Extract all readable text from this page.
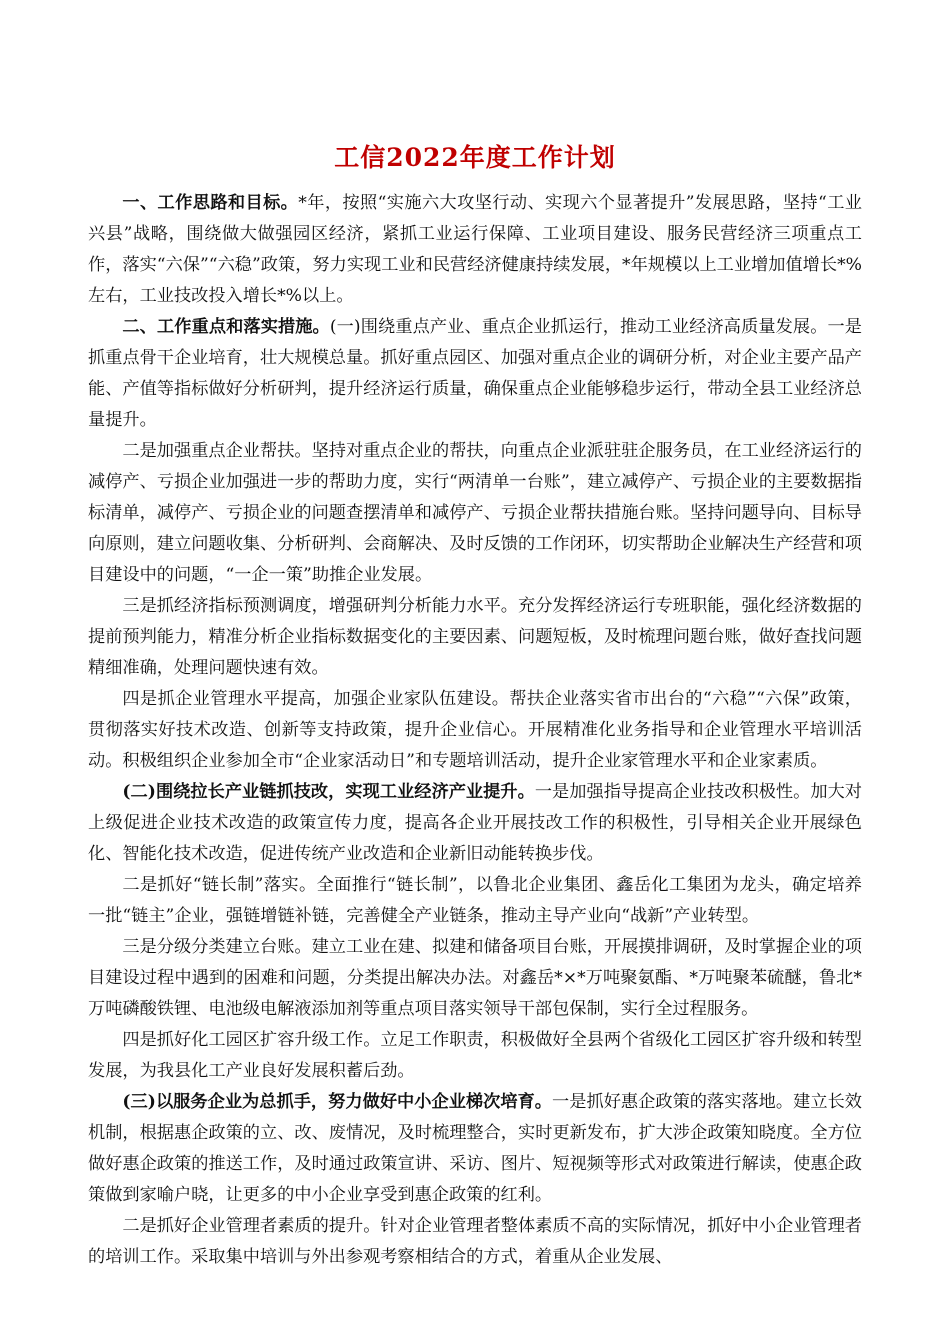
工信2022年度工作计划

一、工作思路和目标。*年，按照“实施六大攻坚行动、实现六个显著提升”发展思路，坚持“工业兴县”战略，围绕做大做强园区经济，紧抓工业运行保障、工业项目建设、服务民营经济三项重点工作，落实“六保”“六稳”政策，努力实现工业和民营经济健康持续发展，*年规模以上工业增加值增长*%左右，工业技改投入增长*%以上。

二、工作重点和落实措施。(一)围绕重点产业、重点企业抓运行，推动工业经济高质量发展。一是抓重点骨干企业培育，壮大规模总量。抓好重点园区、加强对重点企业的调研分析，对企业主要产品产能、产值等指标做好分析研判，提升经济运行质量，确保重点企业能够稳步运行，带动全县工业经济总量提升。

二是加强重点企业帮扶。坚持对重点企业的帮扶，向重点企业派驻驻企服务员，在工业经济运行的减停产、亏损企业加强进一步的帮助力度，实行“两清单一台账”，建立减停产、亏损企业的主要数据指标清单，减停产、亏损企业的问题查摆清单和减停产、亏损企业帮扶措施台账。坚持问题导向、目标导向原则，建立问题收集、分析研判、会商解决、及时反馈的工作闭环，切实帮助企业解决生产经营和项目建设中的问题，“一企一策”助推企业发展。

三是抓经济指标预测调度，增强研判分析能力水平。充分发挥经济运行专班职能，强化经济数据的提前预判能力，精准分析企业指标数据变化的主要因素、问题短板，及时梳理问题台账，做好查找问题精细准确，处理问题快速有效。

四是抓企业管理水平提高，加强企业家队伍建设。帮扶企业落实省市出台的“六稳”“六保”政策，贯彻落实好技术改造、创新等支持政策，提升企业信心。开展精准化业务指导和企业管理水平培训活动。积极组织企业参加全市“企业家活动日”和专题培训活动，提升企业家管理水平和企业家素质。

(二)围绕拉长产业链抓技改，实现工业经济产业提升。一是加强指导提高企业技改积极性。加大对上级促进企业技术改造的政策宣传力度，提高各企业开展技改工作的积极性，引导相关企业开展绿色化、智能化技术改造，促进传统产业改造和企业新旧动能转换步伐。

二是抓好“链长制”落实。全面推行“链长制”，以鲁北企业集团、鑫岳化工集团为龙头，确定培养一批“链主”企业，强链增链补链，完善健全产业链条，推动主导产业向“战新”产业转型。

三是分级分类建立台账。建立工业在建、拟建和储备项目台账，开展摸排调研，及时掌握企业的项目建设过程中遇到的困难和问题，分类提出解决办法。对鑫岳*×*万吨聚氨酯、*万吨聚苯硫醚，鲁北*万吨磷酸铁锂、电池级电解液添加剂等重点项目落实领导干部包保制，实行全过程服务。

四是抓好化工园区扩容升级工作。立足工作职责，积极做好全县两个省级化工园区扩容升级和转型发展，为我县化工产业良好发展积蓄后劲。

(三)以服务企业为总抓手，努力做好中小企业梯次培育。一是抓好惠企政策的落实落地。建立长效机制，根据惠企政策的立、改、废情况，及时梳理整合，实时更新发布，扩大涉企政策知晓度。全方位做好惠企政策的推送工作，及时通过政策宣讲、采访、图片、短视频等形式对政策进行解读，使惠企政策做到家喻户晓，让更多的中小企业享受到惠企政策的红利。

二是抓好企业管理者素质的提升。针对企业管理者整体素质不高的实际情况，抓好中小企业管理者的培训工作。采取集中培训与外出参观考察相结合的方式，着重从企业发展、
